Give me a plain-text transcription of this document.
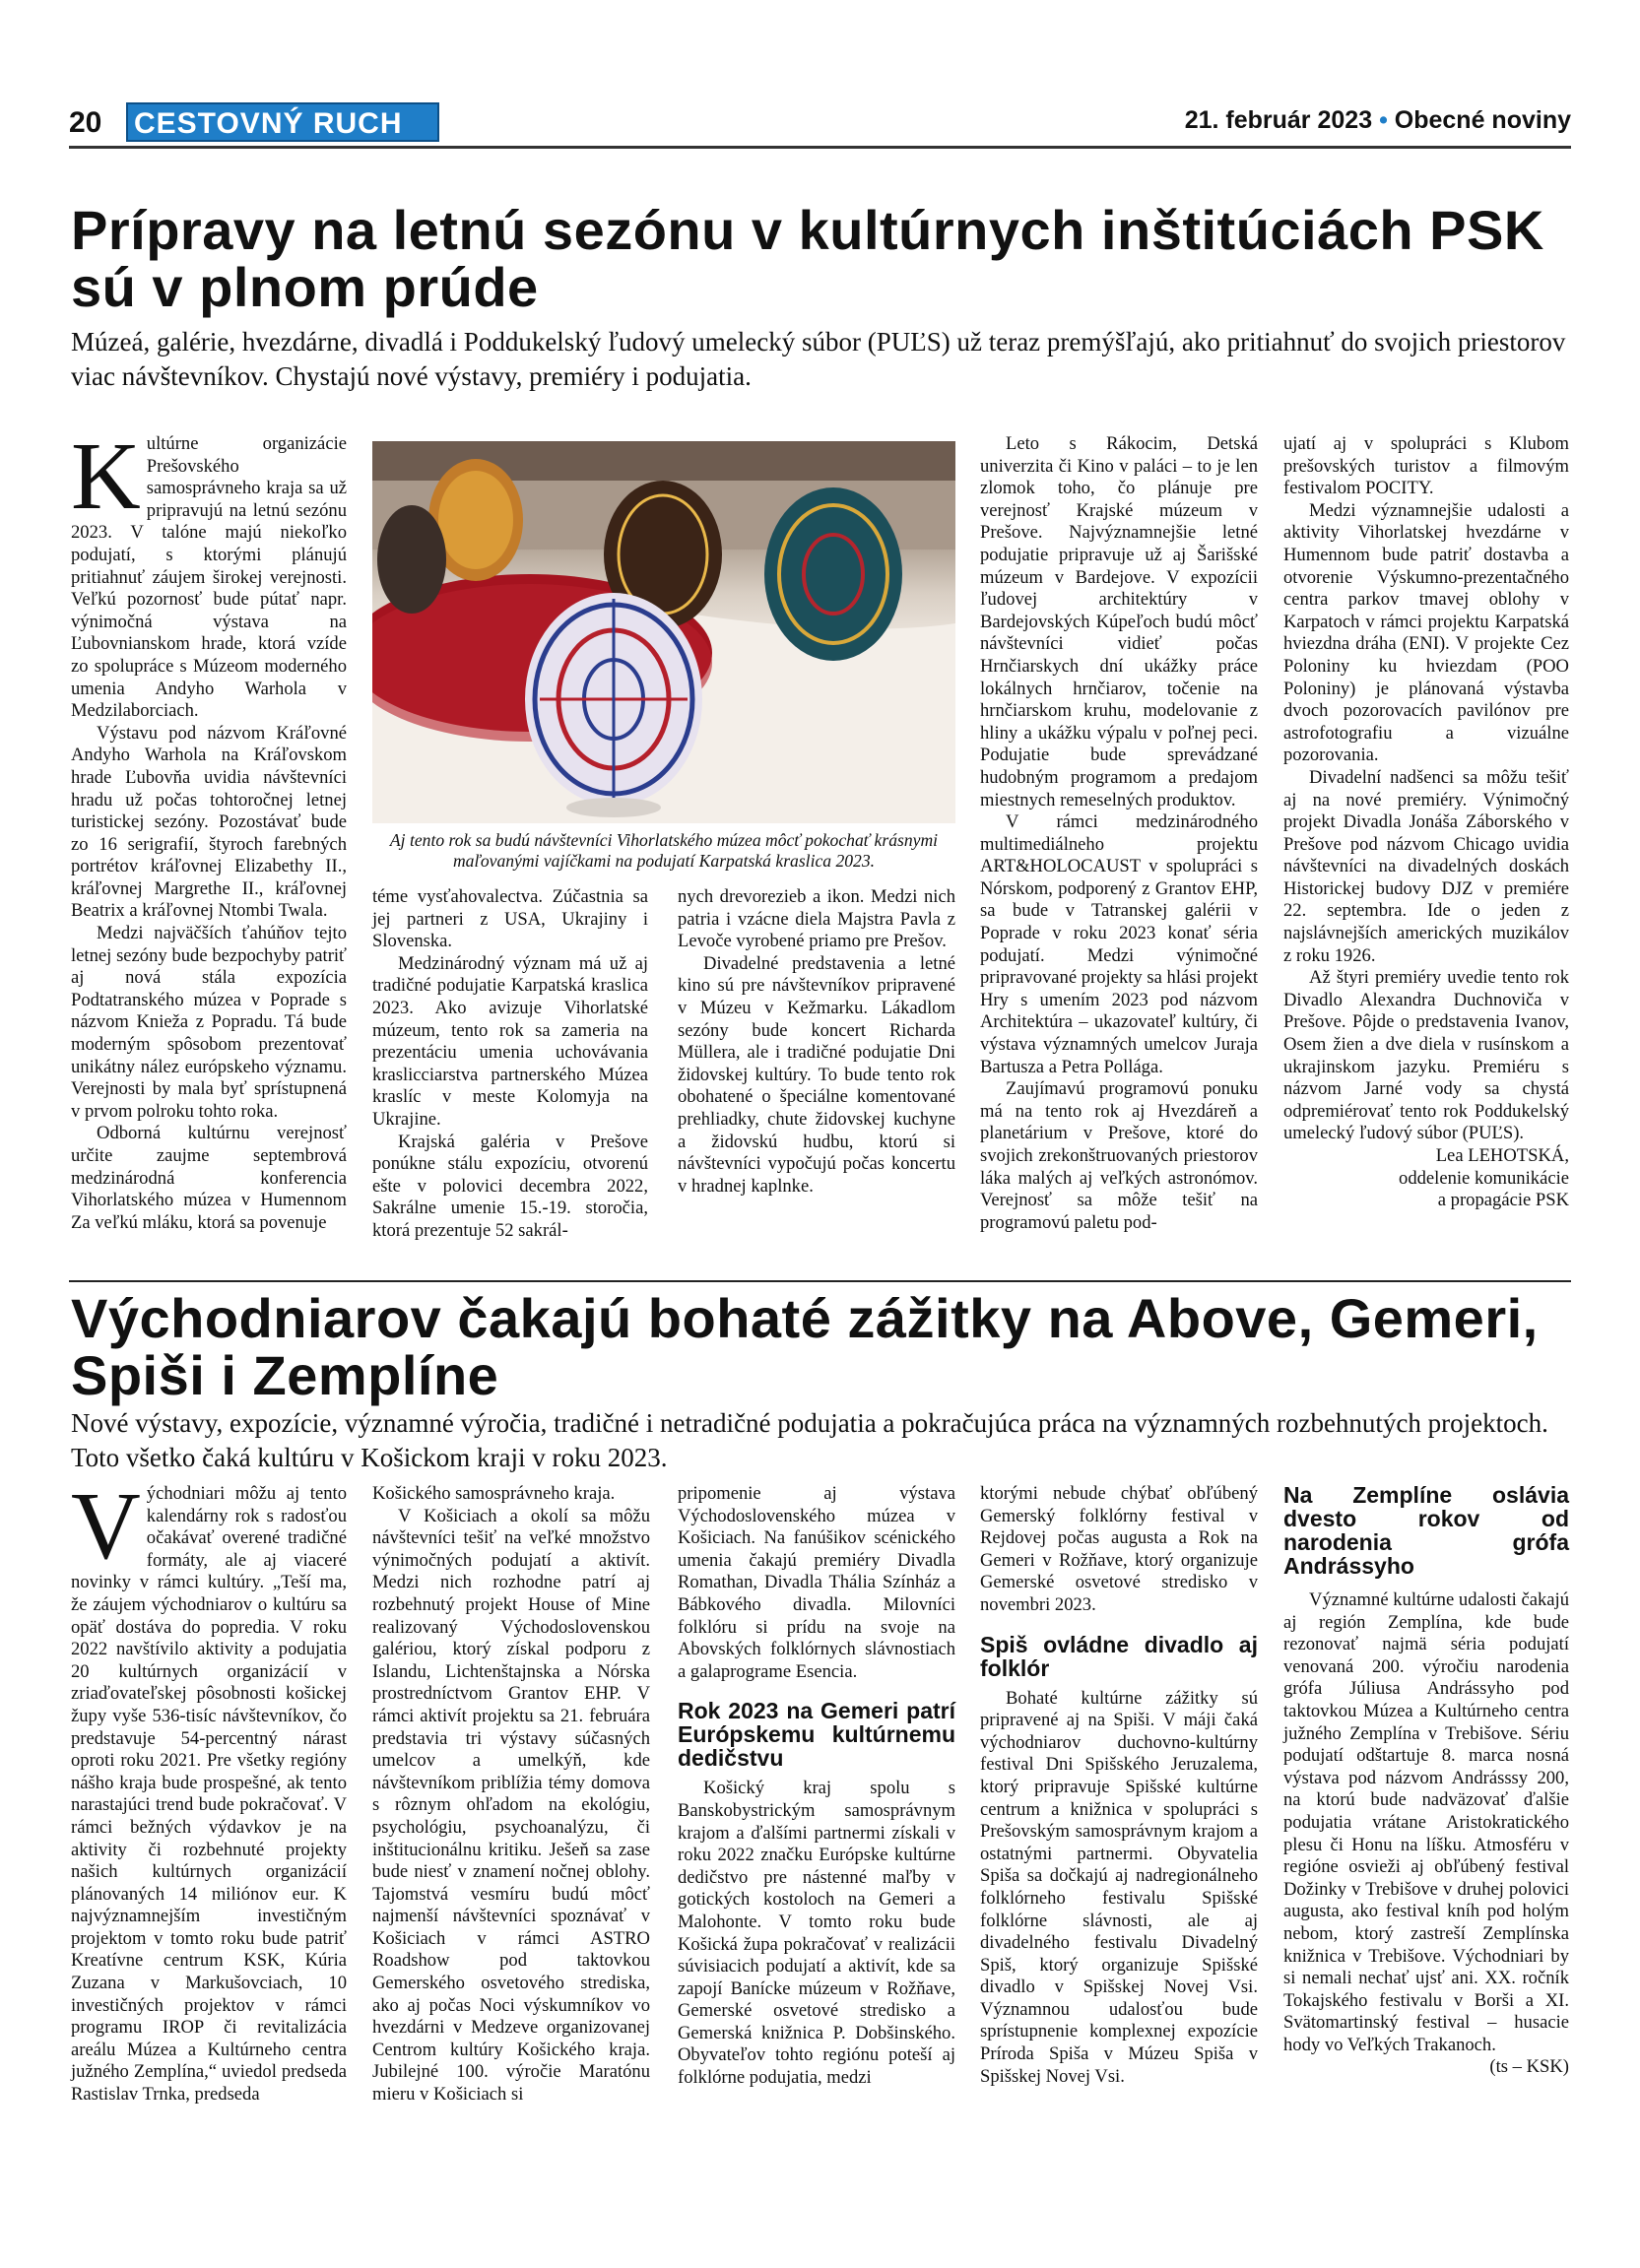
20 CESTOVNÝ RUCH	21. február 2023 • Obecné noviny
Prípravy na letnú sezónu v kultúrnych inštitúciách PSK
sú v plnom prúde
Múzeá, galérie, hvezdárne, divadlá i Poddukelský ľudový umelecký súbor (PUĽS) už teraz premýšľajú, ako pritiahnuť do svojich priestorov viac návštevníkov. Chystajú nové výstavy, premiéry i podujatia.

Kultúrne organizácie Prešovského samosprávneho kraja sa už pripravujú na letnú sezónu 2023. V talóne majú niekoľko podujatí, s ktorými plánujú pritiahnuť záujem širokej verejnosti. Veľkú pozornosť bude pútať napr. výnimočná výstava na Ľubovnianskom hrade, ktorá vzíde zo spolupráce s Múzeom moderného umenia Andyho Warhola v Medzilaborciach.

Výstavu pod názvom Kráľovné Andyho Warhola na Kráľovskom hrade Ľubovňa uvidia návštevníci hradu už počas tohtoročnej letnej turistickej sezóny. Pozostávať bude zo 16 serigrafií, štyroch farebných portrétov kráľovnej Elizabethy II., kráľovnej Margrethe II., kráľovnej Beatrix a kráľovnej Ntombi Twala.

Medzi najväčších ťahúňov tejto letnej sezóny bude bezpochyby patriť aj nová stála expozícia Podtatranského múzea v Poprade s názvom Knieža z Popradu. Tá bude moderným spôsobom prezentovať unikátny nález európskeho významu. Verejnosti by mala byť sprístupnená v prvom polroku tohto roka.

Odborná kultúrnu verejnosť určite zaujme septembrová medzinárodná konferencia Vihorlatského múzea v Humennom Za veľkú mláku, ktorá sa povenuje

Aj tento rok sa budú návštevníci Vihorlatského múzea môcť pokochať krásnymi maľovanými vajíčkami na podujatí Karpatská kraslica 2023.

téme vysťahovalectva. Zúčastnia sa jej partneri z USA, Ukrajiny i Slovenska.

Medzinárodný význam má už aj tradičné podujatie Karpatská kraslica 2023. Ako avizuje Vihorlatské múzeum, tento rok sa zameria na prezentáciu umenia uchovávania kraslicciarstva partnerského Múzea kraslíc v meste Kolomyja na Ukrajine.

Krajská galéria v Prešove ponúkne stálu expozíciu, otvorenú ešte v polovici decembra 2022, Sakrálne umenie 15.-19. storočia, ktorá prezentuje 52 sakrál-

nych drevorezieb a ikon. Medzi nich patria i vzácne diela Majstra Pavla z Levoče vyrobené priamo pre Prešov.

Divadelné predstavenia a letné kino sú pre návštevníkov pripravené v Múzeu v Kežmarku. Lákadlom sezóny bude koncert Richarda Müllera, ale i tradičné podujatie Dni židovskej kultúry. To bude tento rok obohatené o špeciálne komentované prehliadky, chute židovskej kuchyne a židovskú hudbu, ktorú si návštevníci vypočujú počas koncertu v hradnej kaplnke.

Leto s Rákocim, Detská univerzita či Kino v paláci – to je len zlomok toho, čo plánuje pre verejnosť Krajské múzeum v Prešove. Najvýznamnejšie letné podujatie pripravuje už aj Šarišské múzeum v Bardejove. V expozícii ľudovej architektúry v Bardejovských Kúpeľoch budú môcť návštevníci vidieť počas Hrnčiarskych dní ukážky práce lokálnych hrnčiarov, točenie na hrnčiarskom kruhu, modelovanie z hliny a ukážku výpalu v poľnej peci. Podujatie bude sprevádzané hudobným programom a predajom miestnych remeselných produktov.

V rámci medzinárodného multimediálneho projektu ART&HOLOCAUST v spolupráci s Nórskom, podporený z Grantov EHP, sa bude v Tatranskej galérii v Poprade v roku 2023 konať séria podujatí. Medzi výnimočné pripravované projekty sa hlási projekt Hry s umením 2023 pod názvom Architektúra – ukazovateľ kultúry, či výstava významných umelcov Juraja Bartusza a Petra Pollága.

Zaujímavú programovú ponuku má na tento rok aj Hvezdáreň a planetárium v Prešove, ktoré do svojich zrekonštruovaných priestorov láka malých aj veľkých astronómov. Verejnosť sa môže tešiť na programovú paletu pod-

ujatí aj v spolupráci s Klubom prešovských turistov a filmovým festivalom POCITY.

Medzi významnejšie udalosti a aktivity Vihorlatskej hvezdárne v Humennom bude patriť dostavba a otvorenie Výskumno-prezentačného centra parkov tmavej oblohy v Karpatoch v rámci projektu Karpatská hviezdna dráha (ENI). V projekte Cez Poloniny ku hviezdam (POO Poloniny) je plánovaná výstavba dvoch pozorovacích pavilónov pre astrofotografiu a vizuálne pozorovania.

Divadelní nadšenci sa môžu tešiť aj na nové premiéry. Výnimočný projekt Divadla Jonáša Záborského v Prešove pod názvom Chicago uvidia návštevníci na divadelných doskách Historickej budovy DJZ v premiére 22. septembra. Ide o jeden z najslávnejších amerických muzikálov z roku 1926.

Až štyri premiéry uvedie tento rok Divadlo Alexandra Duchnoviča v Prešove. Pôjde o predstavenia Ivanov, Osem žien a dve diela v rusínskom a ukrajinskom jazyku. Premiéru s názvom Jarné vody sa chystá odpremiérovať tento rok Poddukelský umelecký ľudový súbor (PUĽS).

Lea LEHOTSKÁ,
oddelenie komunikácie
a propagácie PSK
Východniarov čakajú bohaté zážitky na Above, Gemeri,
Spiši i Zemplíne
Nové výstavy, expozície, významné výročia, tradičné i netradičné podujatia a pokračujúca práca na významných rozbehnutých projektoch. Toto všetko čaká kultúru v Košickom kraji v roku 2023.

Východniari môžu aj tento kalendárny rok s radosťou očakávať overené tradičné formáty, ale aj viaceré novinky v rámci kultúry. „Teší ma, že záujem východniarov o kultúru sa opäť dostáva do popredia. V roku 2022 navštívilo aktivity a podujatia 20 kultúrnych organizácií v zriaďovateľskej pôsobnosti košickej župy vyše 536-tisíc návštevníkov, čo predstavuje 54-percentný nárast oproti roku 2021. Pre všetky regióny nášho kraja bude prospešné, ak tento narastajúci trend bude pokračovať. V rámci bežných výdavkov je na aktivity či rozbehnuté projekty našich kultúrnych organizácií plánovaných 14 miliónov eur. K najvýznamnejším investičným projektom v tomto roku bude patriť Kreatívne centrum KSK, Kúria Zuzana v Markušovciach, 10 investičných projektov v rámci programu IROP či revitalizácia areálu Múzea a Kultúrneho centra južného Zemplína,“ uviedol predseda Rastislav Trnka, predseda

Košického samosprávneho kraja.

V Košiciach a okolí sa môžu návštevníci tešiť na veľké množstvo výnimočných podujatí a aktivít. Medzi nich rozhodne patrí aj rozbehnutý projekt House of Mine realizovaný Východoslovenskou galériou, ktorý získal podporu z Islandu, Lichtenštajnska a Nórska prostredníctvom Grantov EHP. V rámci aktivít projektu sa 21. februára predstavia tri výstavy súčasných umelcov a umelkýň, kde návštevníkom priblížia témy domova s rôznym ohľadom na ekológiu, psychológiu, psychoanalýzu, či inštitucionálnu kritiku. Ješeň sa zase bude niesť v znamení nočnej oblohy. Tajomstvá vesmíru budú môcť najmenší návštevníci spoznávať v Košiciach v rámci ASTRO Roadshow pod taktovkou Gemerského osvetového strediska, ako aj počas Noci výskumníkov vo hvezdárni v Medzeve organizovanej Centrom kultúry Košického kraja. Jubilejné 100. výročie Maratónu mieru v Košiciach si

pripomenie aj výstava Východoslovenského múzea v Košiciach. Na fanúšikov scénického umenia čakajú premiéry Divadla Romathan, Divadla Thália Színház a Bábkového divadla. Milovníci folklóru si prídu na svoje na Abovských folklórnych slávnostiach a galaprograme Esencia.

Rok 2023 na Gemeri patrí Európskemu kultúrnemu dedičstvu

Košický kraj spolu s Banskobystrickým samosprávnym krajom a ďalšími partnermi získali v roku 2022 značku Európske kultúrne dedičstvo pre nástenné maľby v gotických kostoloch na Gemeri a Malohonte. V tomto roku bude Košická župa pokračovať v realizácii súvisiacich podujatí a aktivít, kde sa zapojí Banícke múzeum v Rožňave, Gemerské osvetové stredisko a Gemerská knižnica P. Dobšinského. Obyvateľov tohto regiónu poteší aj folklórne podujatia, medzi

ktorými nebude chýbať obľúbený Gemerský folklórny festival v Rejdovej počas augusta a Rok na Gemeri v Rožňave, ktorý organizuje Gemerské osvetové stredisko v novembri 2023.

Spiš ovládne divadlo aj folklór

Bohaté kultúrne zážitky sú pripravené aj na Spiši. V máji čaká východniarov duchovno-kultúrny festival Dni Spišského Jeruzalema, ktorý pripravuje Spišské kultúrne centrum a knižnica v spolupráci s Prešovským samosprávnym krajom a ostatnými partnermi. Obyvatelia Spiša sa dočkajú aj nadregionálneho folklórneho festivalu Spišské folklórne slávnosti, ale aj divadelného festivalu Divadelný Spiš, ktorý organizuje Spišské divadlo v Spišskej Novej Vsi. Významnou udalosťou bude sprístupnenie komplexnej expozície Príroda Spiša v Múzeu Spiša v Spišskej Novej Vsi.

Na Zemplíne oslávia dvesto rokov od narodenia grófa Andrássyho

Významné kultúrne udalosti čakajú aj región Zemplína, kde bude rezonovať najmä séria podujatí venovaná 200. výročiu narodenia grófa Júliusa Andrássyho pod taktovkou Múzea a Kultúrneho centra južného Zemplína v Trebišove. Sériu podujatí odštartuje 8. marca nosná výstava pod názvom Andrásssy 200, na ktorú bude nadväzovať ďalšie podujatia vrátane Aristokratického plesu či Honu na líšku. Atmosféru v regióne osvieži aj obľúbený festival Dožinky v Trebišove v druhej polovici augusta, ako festival kníh pod holým nebom, ktorý zastreší Zemplínska knižnica v Trebišove. Východniari by si nemali nechať ujsť ani. XX. ročník Tokajského festivalu v Borši a XI. Svätomartinský festival – husacie hody vo Veľkých Trakanoch.

(ts – KSK)
